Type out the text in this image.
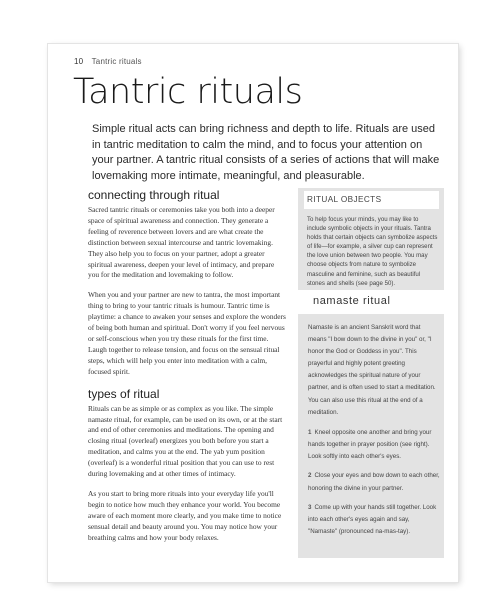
10 Tantric rituals
Tantric rituals

Simple ritual acts can bring richness and depth to life. Rituals are used in tantric meditation to calm the mind, and to focus your attention on your partner. A tantric ritual consists of a series of actions that will make lovemaking more intimate, meaningful, and pleasurable.

connecting through ritual

Sacred tantric rituals or ceremonies take you both into a deeper space of spiritual awareness and connection. They generate a feeling of reverence between lovers and are what create the distinction between sexual intercourse and tantric lovemaking. They also help you to focus on your partner, adopt a greater spiritual awareness, deepen your level of intimacy, and prepare you for the meditation and lovemaking to follow.

When you and your partner are new to tantra, the most important thing to bring to your tantric rituals is humour. Tantric time is playtime: a chance to awaken your senses and explore the wonders of being both human and spiritual. Don't worry if you feel nervous or self-conscious when you try these rituals for the first time. Laugh together to release tension, and focus on the sensual ritual steps, which will help you enter into meditation with a calm, focused spirit.

types of ritual

Rituals can be as simple or as complex as you like. The simple namaste ritual, for example, can be used on its own, or at the start and end of other ceremonies and meditations. The opening and closing ritual (overleaf) energizes you both before you start a meditation, and calms you at the end. The yab yum position (overleaf) is a wonderful ritual position that you can use to rest during lovemaking and at other times of intimacy.

As you start to bring more rituals into your everyday life you'll begin to notice how much they enhance your world. You become aware of each moment more clearly, and you make time to notice sensual detail and beauty around you. You may notice how your breathing calms and how your body relaxes.

RITUAL OBJECTS

To help focus your minds, you may like to include symbolic objects in your rituals. Tantra holds that certain objects can symbolize aspects of life—for example, a silver cup can represent the love union between two people. You may choose objects from nature to symbolize masculine and feminine, such as beautiful stones and shells (see page 50).

namaste ritual

Namaste is an ancient Sanskrit word that means "I bow down to the divine in you" or, "I honor the God or Goddess in you". This prayerful and highly potent greeting acknowledges the spiritual nature of your partner, and is often used to start a meditation. You can also use this ritual at the end of a meditation.

1 Kneel opposite one another and bring your hands together in prayer position (see right). Look softly into each other's eyes.

2 Close your eyes and bow down to each other, honoring the divine in your partner.

3 Come up with your hands still together. Look into each other's eyes again and say, "Namaste" (pronounced na-mas-tay).
